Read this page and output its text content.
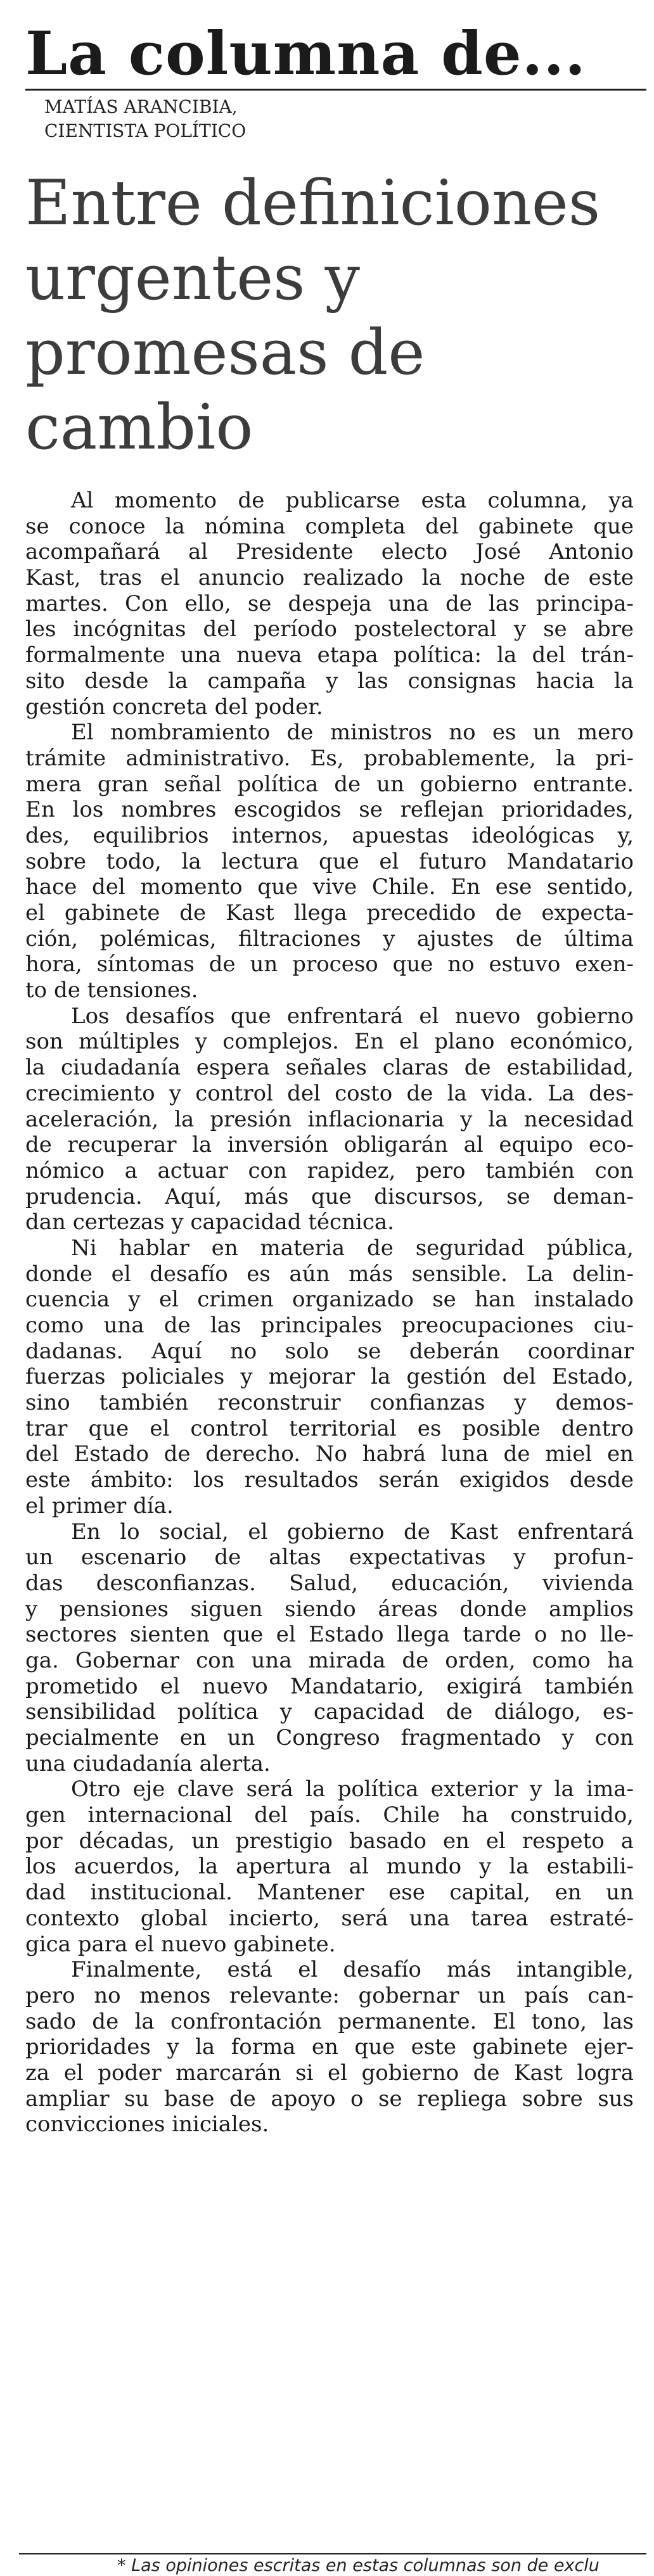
La columna de...
MATÍAS ARANCIBIA,
CIENTISTA POLÍTICO
Entre definiciones
urgentes y
promesas de
cambio
Al momento de publicarse esta columna, ya
se conoce la nómina completa del gabinete que
acompañará al Presidente electo José Antonio
Kast, tras el anuncio realizado la noche de este
martes. Con ello, se despeja una de las principa-
les incógnitas del período postelectoral y se abre
formalmente una nueva etapa política: la del trán-
sito desde la campaña y las consignas hacia la
gestión concreta del poder.
El nombramiento de ministros no es un mero
trámite administrativo. Es, probablemente, la pri-
mera gran señal política de un gobierno entrante.
En los nombres escogidos se reflejan prioridades,
des, equilibrios internos, apuestas ideológicas y,
sobre todo, la lectura que el futuro Mandatario
hace del momento que vive Chile. En ese sentido,
el gabinete de Kast llega precedido de expecta-
ción, polémicas, filtraciones y ajustes de última
hora, síntomas de un proceso que no estuvo exen-
to de tensiones.
Los desafíos que enfrentará el nuevo gobierno
son múltiples y complejos. En el plano económico,
la ciudadanía espera señales claras de estabilidad,
crecimiento y control del costo de la vida. La des-
aceleración, la presión inflacionaria y la necesidad
de recuperar la inversión obligarán al equipo eco-
nómico a actuar con rapidez, pero también con
prudencia. Aquí, más que discursos, se deman-
dan certezas y capacidad técnica.
Ni hablar en materia de seguridad pública,
donde el desafío es aún más sensible. La delin-
cuencia y el crimen organizado se han instalado
como una de las principales preocupaciones ciu-
dadanas. Aquí no solo se deberán coordinar
fuerzas policiales y mejorar la gestión del Estado,
sino también reconstruir confianzas y demos-
trar que el control territorial es posible dentro
del Estado de derecho. No habrá luna de miel en
este ámbito: los resultados serán exigidos desde
el primer día.
En lo social, el gobierno de Kast enfrentará
un escenario de altas expectativas y profun-
das desconfianzas. Salud, educación, vivienda
y pensiones siguen siendo áreas donde amplios
sectores sienten que el Estado llega tarde o no lle-
ga. Gobernar con una mirada de orden, como ha
prometido el nuevo Mandatario, exigirá también
sensibilidad política y capacidad de diálogo, es-
pecialmente en un Congreso fragmentado y con
una ciudadanía alerta.
Otro eje clave será la política exterior y la ima-
gen internacional del país. Chile ha construido,
por décadas, un prestigio basado en el respeto a
los acuerdos, la apertura al mundo y la estabili-
dad institucional. Mantener ese capital, en un
contexto global incierto, será una tarea estraté-
gica para el nuevo gabinete.
Finalmente, está el desafío más intangible,
pero no menos relevante: gobernar un país can-
sado de la confrontación permanente. El tono, las
prioridades y la forma en que este gabinete ejer-
za el poder marcarán si el gobierno de Kast logra
ampliar su base de apoyo o se repliega sobre sus
convicciones iniciales.
* Las opiniones escritas en estas columnas son de exclu
